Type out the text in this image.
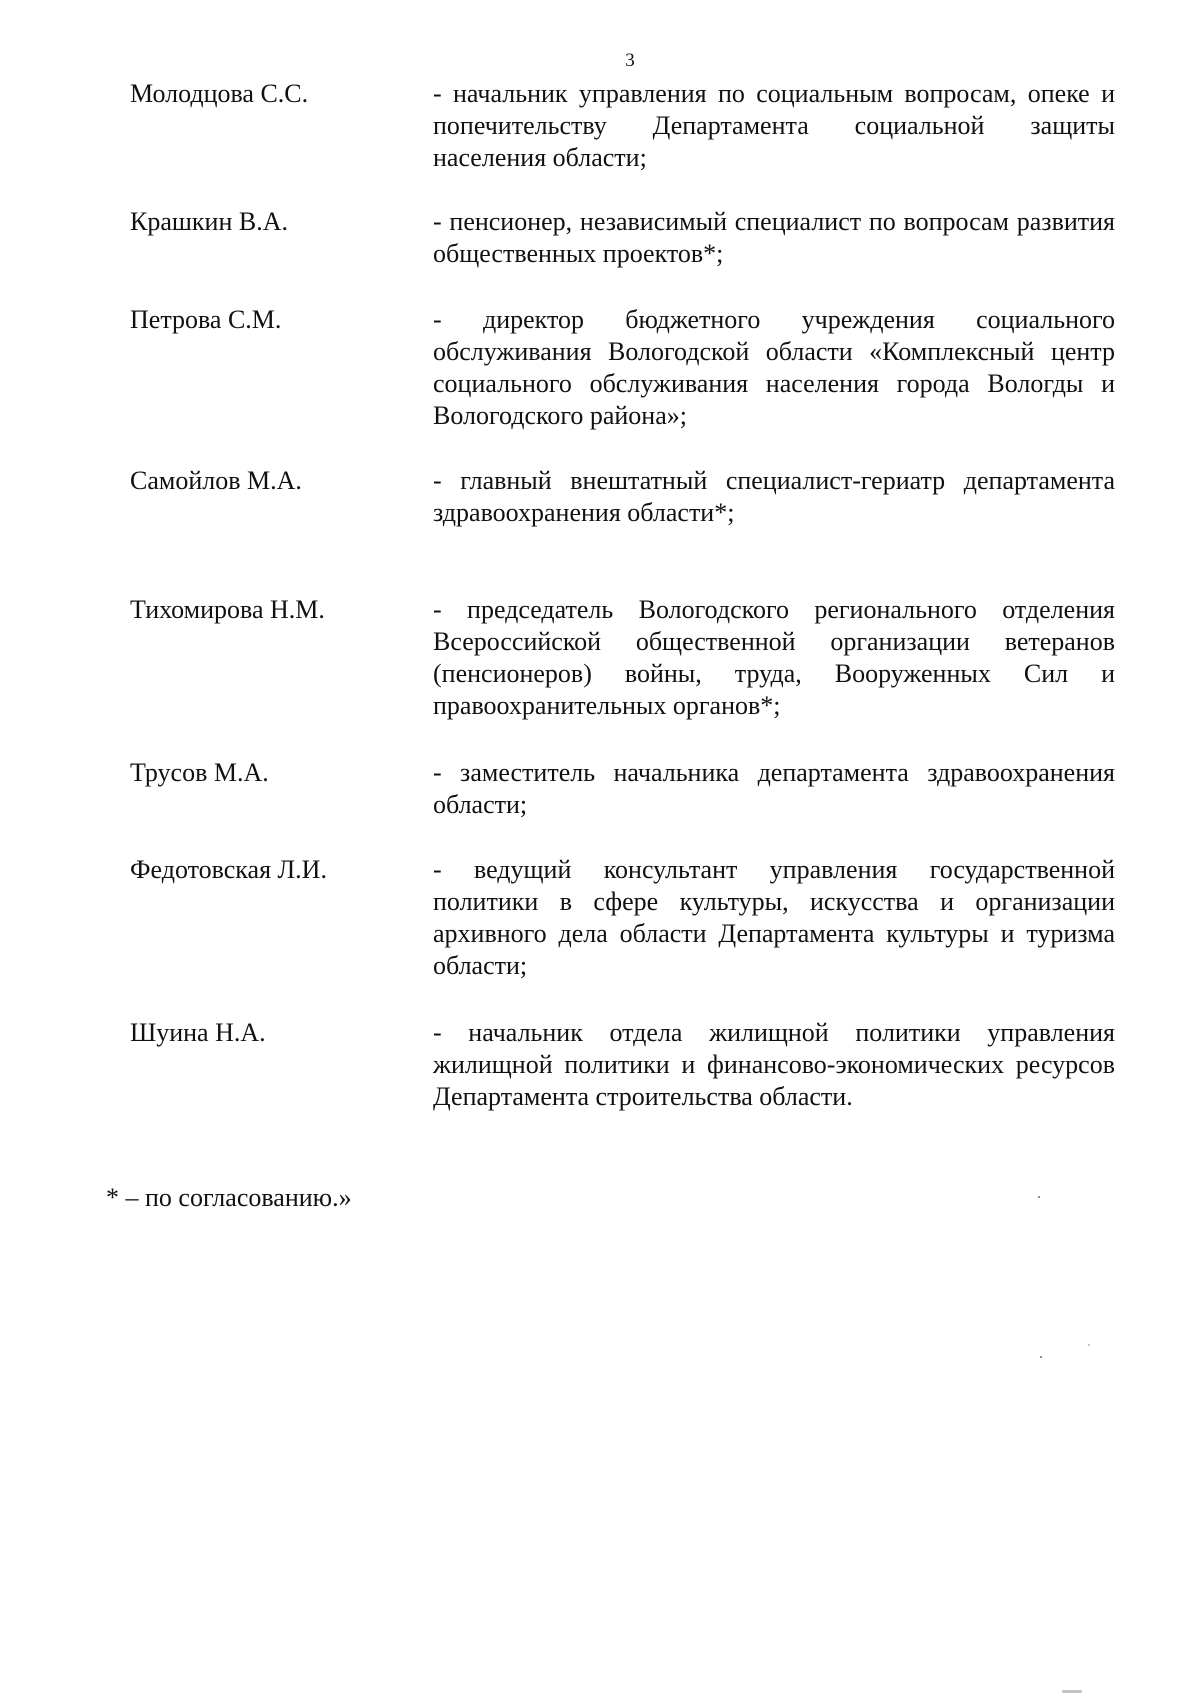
3
Молодцова С.С.	- начальник управления по социальным вопросам, опеке и попечительству Департамента социальной защиты населения области;
Крашкин В.А.	- пенсионер, независимый специалист по вопросам развития общественных проектов*;
Петрова С.М.	- директор бюджетного учреждения социального обслуживания Вологодской области «Комплексный центр социального обслуживания населения города Вологды и Вологодского района»;
Самойлов М.А.	- главный внештатный специалист-гериатр департамента здравоохранения области*;
Тихомирова Н.М.	- председатель Вологодского регионального отделения Всероссийской общественной организации ветеранов (пенсионеров) войны, труда, Вооруженных Сил и правоохранительных органов*;
Трусов М.А.	- заместитель начальника департамента здравоохранения области;
Федотовская Л.И.	- ведущий консультант управления государственной политики в сфере культуры, искусства и организации архивного дела области Департамента культуры и туризма области;
Шуина Н.А.	- начальник отдела жилищной политики управления жилищной политики и финансово-экономических ресурсов Департамента строительства области.
* – по согласованию.»
